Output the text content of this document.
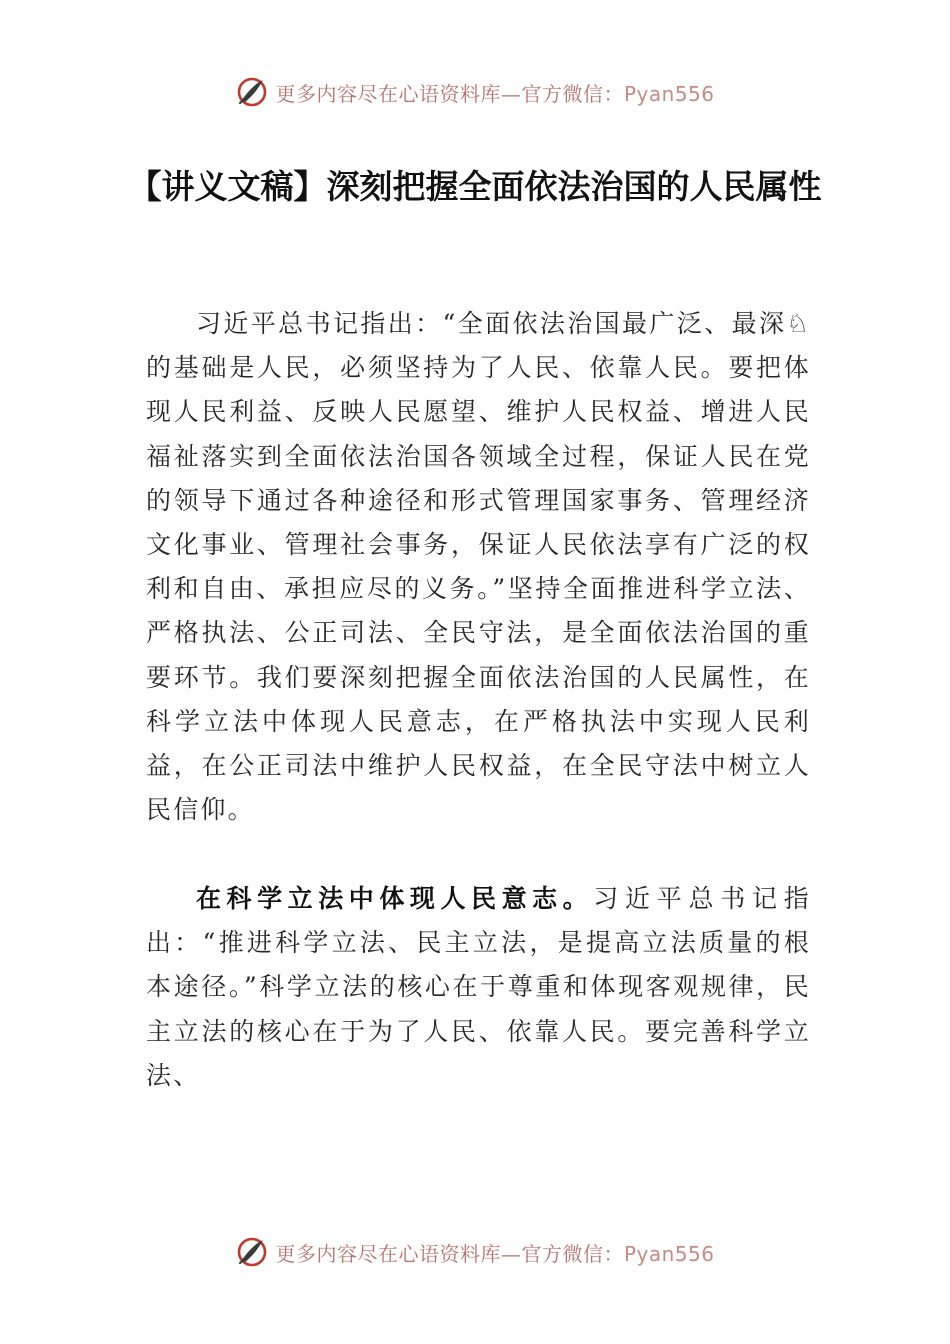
更多内容尽在心语资料库—官方微信：Pyan556
【讲义文稿】深刻把握全面依法治国的人民属性

习近平总书记指出：“全面依法治国最广泛、最深♘的基础是人民，必须坚持为了人民、依靠人民。要把体现人民利益、反映人民愿望、维护人民权益、增进人民福祉落实到全面依法治国各领域全过程，保证人民在党的领导下通过各种途径和形式管理国家事务、管理经济文化事业、管理社会事务，保证人民依法享有广泛的权利和自由、承担应尽的义务。”坚持全面推进科学立法、严格执法、公正司法、全民守法，是全面依法治国的重要环节。我们要深刻把握全面依法治国的人民属性，在科学立法中体现人民意志，在严格执法中实现人民利益，在公正司法中维护人民权益，在全民守法中树立人民信仰。

在科学立法中体现人民意志。习近平总书记指出：“推进科学立法、民主立法，是提高立法质量的根本途径。”科学立法的核心在于尊重和体现客观规律，民主立法的核心在于为了人民、依靠人民。要完善科学立法、

更多内容尽在心语资料库—官方微信：Pyan556
